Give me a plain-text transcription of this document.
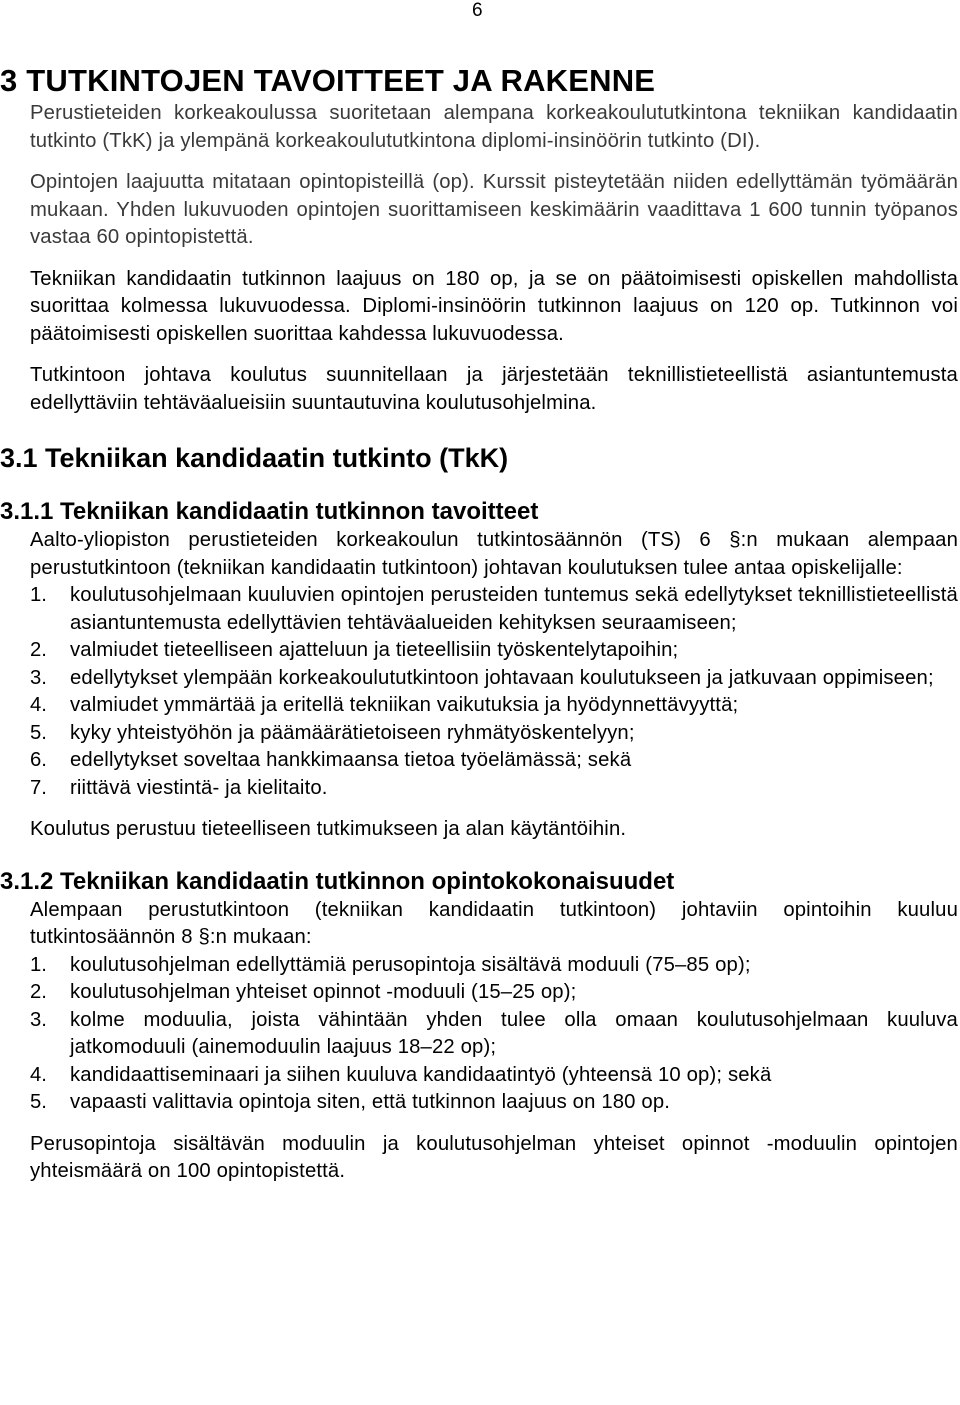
6
3 TUTKINTOJEN TAVOITTEET JA RAKENNE

Perustieteiden korkeakoulussa suoritetaan alempana korkeakoulututkintona tekniikan kandidaatin tutkinto (TkK) ja ylempänä korkeakoulututkintona diplomi-insinöörin tutkinto (DI).

Opintojen laajuutta mitataan opintopisteillä (op). Kurssit pisteytetään niiden edellyttämän työmäärän mukaan. Yhden lukuvuoden opintojen suorittamiseen keskimäärin vaadittava 1 600 tunnin työpanos vastaa 60 opintopistettä.

Tekniikan kandidaatin tutkinnon laajuus on 180 op, ja se on päätoimisesti opiskellen mahdollista suorittaa kolmessa lukuvuodessa. Diplomi-insinöörin tutkinnon laajuus on 120 op. Tutkinnon voi päätoimisesti opiskellen suorittaa kahdessa lukuvuodessa.

Tutkintoon johtava koulutus suunnitellaan ja järjestetään teknillistieteellistä asiantuntemusta edellyttäviin tehtäväalueisiin suuntautuvina koulutusohjelmina.

3.1 Tekniikan kandidaatin tutkinto (TkK)
3.1.1 Tekniikan kandidaatin tutkinnon tavoitteet

Aalto-yliopiston perustieteiden korkeakoulun tutkintosäännön (TS) 6 §:n mukaan alempaan perustutkintoon (tekniikan kandidaatin tutkintoon) johtavan koulutuksen tulee antaa opiskelijalle:

1.	koulutusohjelmaan kuuluvien opintojen perusteiden tuntemus sekä edellytykset teknillistieteellistä asiantuntemusta edellyttävien tehtäväalueiden kehityksen seuraamiseen;
2.	valmiudet tieteelliseen ajatteluun ja tieteellisiin työskentelytapoihin;
3.	edellytykset ylempään korkeakoulututkintoon johtavaan koulutukseen ja jatkuvaan oppimiseen;
4.	valmiudet ymmärtää ja eritellä tekniikan vaikutuksia ja hyödynnettävyyttä;
5.	kyky yhteistyöhön ja päämäärätietoiseen ryhmätyöskentelyyn;
6.	edellytykset soveltaa hankkimaansa tietoa työelämässä; sekä
7.	riittävä viestintä- ja kielitaito.

Koulutus perustuu tieteelliseen tutkimukseen ja alan käytäntöihin.

3.1.2 Tekniikan kandidaatin tutkinnon opintokokonaisuudet

Alempaan perustutkintoon (tekniikan kandidaatin tutkintoon) johtaviin opintoihin kuuluu tutkintosäännön 8 §:n mukaan:

1.	koulutusohjelman edellyttämiä perusopintoja sisältävä moduuli (75–85 op);
2.	koulutusohjelman yhteiset opinnot -moduuli (15–25 op);
3.	kolme moduulia, joista vähintään yhden tulee olla omaan koulutusohjelmaan kuuluva jatkomoduuli (ainemoduulin laajuus 18–22 op);
4.	kandidaattiseminaari ja siihen kuuluva kandidaatintyö (yhteensä 10 op); sekä
5.	vapaasti valittavia opintoja siten, että tutkinnon laajuus on 180 op.

Perusopintoja sisältävän moduulin ja koulutusohjelman yhteiset opinnot -moduulin opintojen yhteismäärä on 100 opintopistettä.
